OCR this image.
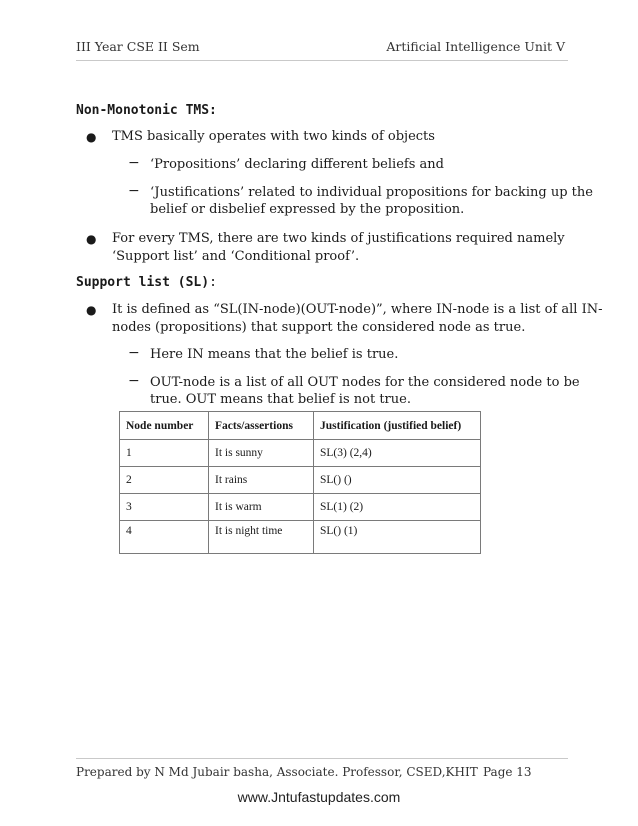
III Year CSE II Sem	Artificial Intelligence Unit V
Non-Monotonic TMS:
● TMS basically operates with two kinds of objects
− ‘Propositions’ declaring different beliefs and
− ‘Justifications’ related to individual propositions for backing up the
belief or disbelief expressed by the proposition.
● For every TMS, there are two kinds of justifications required namely
‘Support list’ and ‘Conditional proof’.
Support list (SL):
● It is defined as “SL(IN-node)(OUT-node)”, where IN-node is a list of all IN-
nodes (propositions) that support the considered node as true.
− Here IN means that the belief is true.
− OUT-node is a list of all OUT nodes for the considered node to be
true. OUT means that belief is not true.
Node number	Facts/assertions	Justification (justified belief)
1	It is sunny	SL(3) (2,4)
2	It rains	SL() ()
3	It is warm	SL(1) (2)
4	It is night time	SL() (1)
Prepared by N Md Jubair basha, Associate. Professor, CSED,KHIT Page 13
www.Jntufastupdates.com
